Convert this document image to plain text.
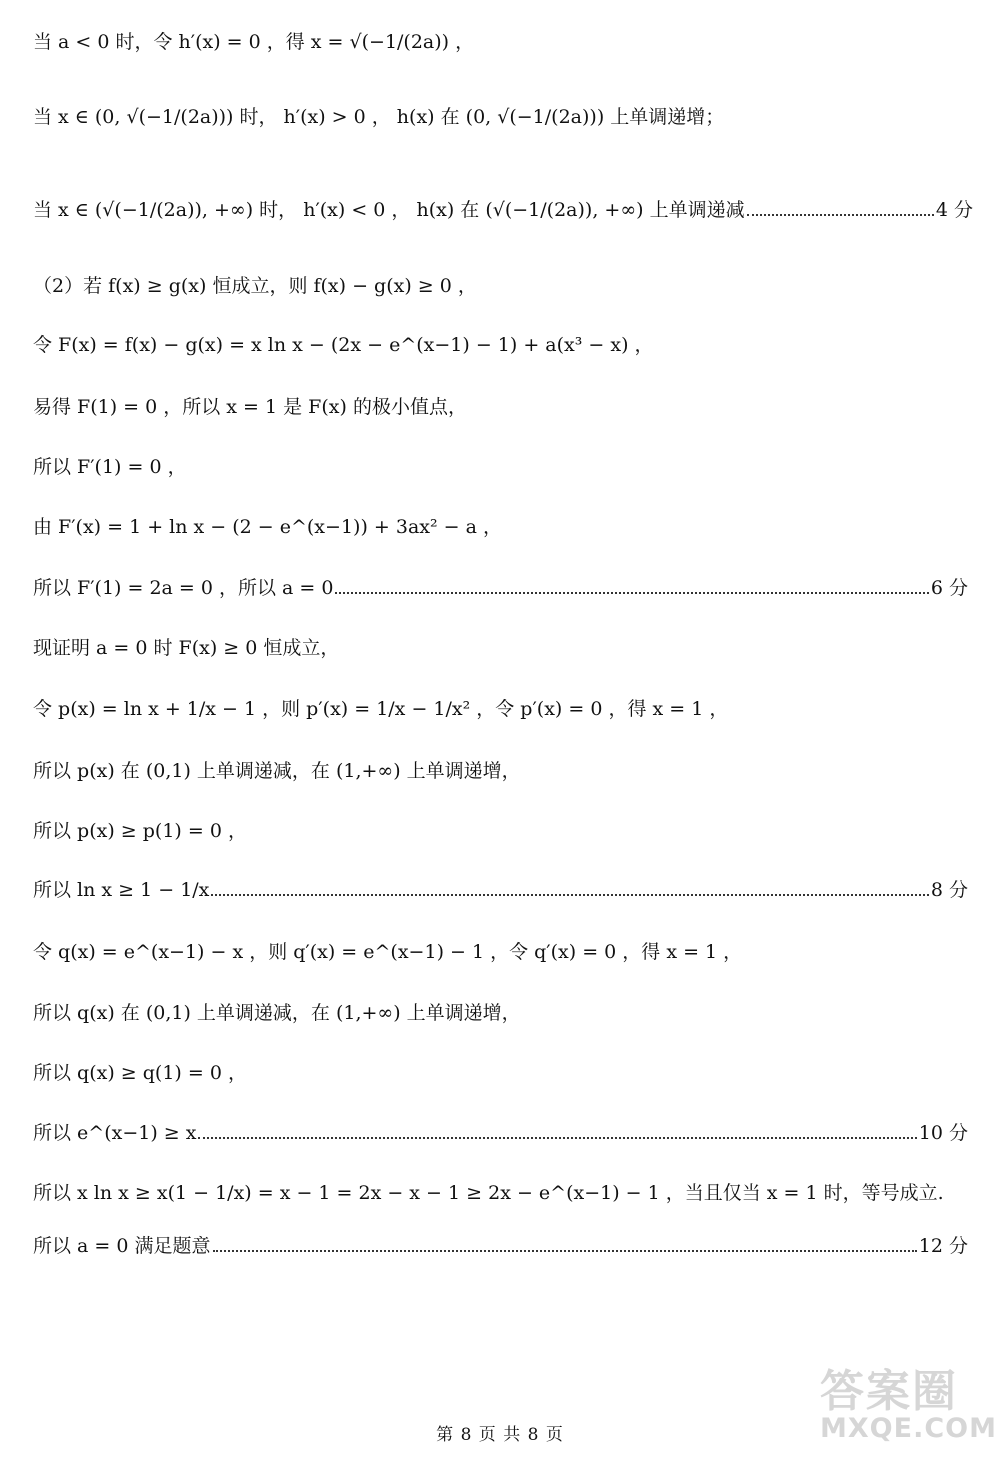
当 a < 0 时，令 h′(x) = 0 ，得 x = √(−1/(2a)) ，
当 x ∈ (0, √(−1/(2a))) 时， h′(x) > 0 ， h(x) 在 (0, √(−1/(2a))) 上单调递增；
当 x ∈ (√(−1/(2a)), +∞) 时， h′(x) < 0 ， h(x) 在 (√(−1/(2a)), +∞) 上单调递减	4 分
（2）若 f(x) ≥ g(x) 恒成立，则 f(x) − g(x) ≥ 0 ，
令 F(x) = f(x) − g(x) = x ln x − (2x − e^(x−1) − 1) + a(x³ − x) ，
易得 F(1) = 0 ，所以 x = 1 是 F(x) 的极小值点，
所以 F′(1) = 0 ，
由 F′(x) = 1 + ln x − (2 − e^(x−1)) + 3ax² − a ，
所以 F′(1) = 2a = 0 ，所以 a = 0	6 分
现证明 a = 0 时 F(x) ≥ 0 恒成立，
令 p(x) = ln x + 1/x − 1 ，则 p′(x) = 1/x − 1/x² ，令 p′(x) = 0 ，得 x = 1 ，
所以 p(x) 在 (0,1) 上单调递减，在 (1,+∞) 上单调递增，
所以 p(x) ≥ p(1) = 0 ，
所以 ln x ≥ 1 − 1/x	8 分
令 q(x) = e^(x−1) − x ，则 q′(x) = e^(x−1) − 1 ，令 q′(x) = 0 ，得 x = 1 ，
所以 q(x) 在 (0,1) 上单调递减，在 (1,+∞) 上单调递增，
所以 q(x) ≥ q(1) = 0 ，
所以 e^(x−1) ≥ x	10 分
所以 x ln x ≥ x(1 − 1/x) = x − 1 = 2x − x − 1 ≥ 2x − e^(x−1) − 1 ，当且仅当 x = 1 时，等号成立.
所以 a = 0 满足题意	12 分
第 8 页 共 8 页
答案圈
MXQE.COM
